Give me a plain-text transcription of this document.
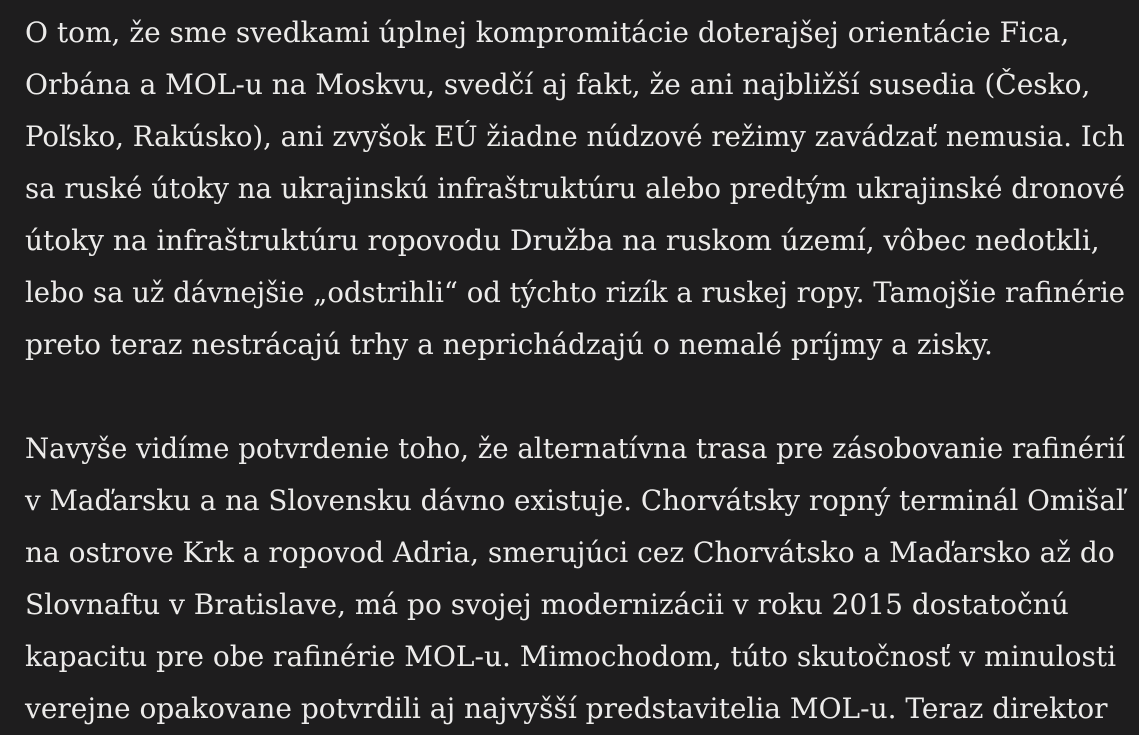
O tom, že sme svedkami úplnej kompromitácie doterajšej orientácie Fica,
Orbána a MOL-u na Moskvu, svedčí aj fakt, že ani najbližší susedia (Česko,
Poľsko, Rakúsko), ani zvyšok EÚ žiadne núdzové režimy zavádzať nemusia. Ich
sa ruské útoky na ukrajinskú infraštruktúru alebo predtým ukrajinské dronové
útoky na infraštruktúru ropovodu Družba na ruskom území, vôbec nedotkli,
lebo sa už dávnejšie „odstrihli“ od týchto rizík a ruskej ropy. Tamojšie rafinérie
preto teraz nestrácajú trhy a neprichádzajú o nemalé príjmy a zisky.

Navyše vidíme potvrdenie toho, že alternatívna trasa pre zásobovanie rafinérií
v Maďarsku a na Slovensku dávno existuje. Chorvátsky ropný terminál Omišaľ
na ostrove Krk a ropovod Adria, smerujúci cez Chorvátsko a Maďarsko až do
Slovnaftu v Bratislave, má po svojej modernizácii v roku 2015 dostatočnú
kapacitu pre obe rafinérie MOL-u. Mimochodom, túto skutočnosť v minulosti
verejne opakovane potvrdili aj najvyšší predstavitelia MOL-u. Teraz direktor
